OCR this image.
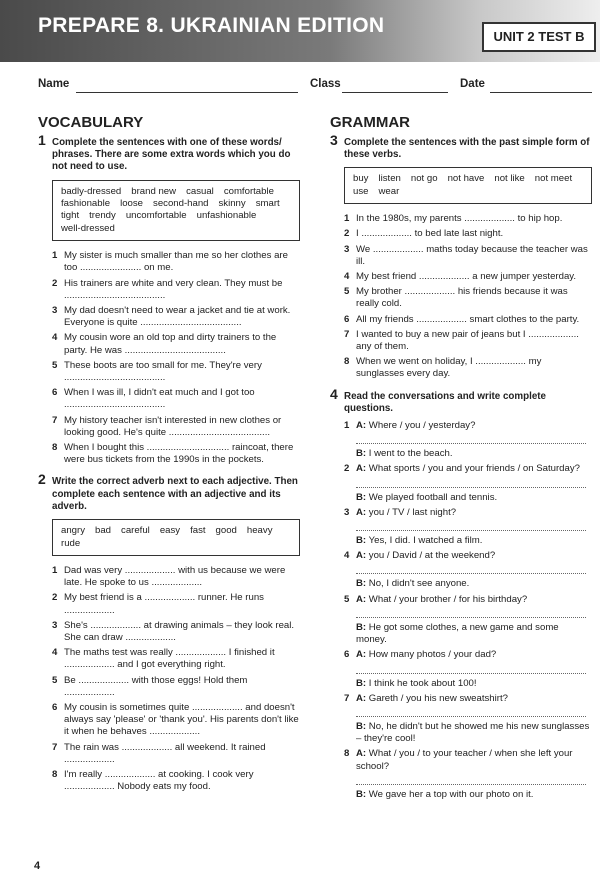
PREPARE 8. UKRAINIAN EDITION	UNIT 2 TEST B
Name	Class	Date
VOCABULARY	GRAMMAR
1 Complete the sentences with one of these words/ phrases. There are some extra words which you do not need to use.
badly-dressed brand new casual comfortablefashionable loose second-hand skinny smarttight trendy uncomfortable unfashionablewell-dressed
1 My sister is much smaller than me so her clothes are too ....................... on me.
2 His trainers are white and very clean. They must be ......................................
3 My dad doesn't need to wear a jacket and tie at work. Everyone is quite ......................................
4 My cousin wore an old top and dirty trainers to the party. He was ......................................
5 These boots are too small for me. They're very ......................................
6 When I was ill, I didn't eat much and I got too ......................................
7 My history teacher isn't interested in new clothes or looking good. He's quite ......................................
8 When I bought this ............................... raincoat, there were bus tickets from the 1990s in the pockets.
2 Write the correct adverb next to each adjective. Then complete each sentence with an adjective and its adverb.
angry bad careful easy fast good heavyrude
1 Dad was very ................... with us because we were late. He spoke to us ...................
2 My best friend is a ................... runner. He runs ...................
3 She's ................... at drawing animals – they look real. She can draw ...................
4 The maths test was really ................... I finished it ................... and I got everything right.
5 Be ................... with those eggs! Hold them ...................
6 My cousin is sometimes quite ................... and doesn't always say 'please' or 'thank you'. His parents don't like it when he behaves ...................
7 The rain was ................... all weekend. It rained ...................
8 I'm really ................... at cooking. I cook very ................... Nobody eats my food.
3 Complete the sentences with the past simple form of these verbs.
buy listen not go not have not like not meetuse wear
1 In the 1980s, my parents ................... to hip hop.
2 I ................... to bed late last night.
3 We ................... maths today because the teacher was ill.
4 My best friend ................... a new jumper yesterday.
5 My brother ................... his friends because it was really cold.
6 All my friends ................... smart clothes to the party.
7 I wanted to buy a new pair of jeans but I ................... any of them.
8 When we went on holiday, I ................... my sunglasses every day.
4 Read the conversations and write complete questions.
1 A: Where / you / yesterday?
B: I went to the beach.
2 A: What sports / you and your friends / on Saturday?
B: We played football and tennis.
3 A: you / TV / last night?
B: Yes, I did. I watched a film.
4 A: you / David / at the weekend?
B: No, I didn't see anyone.
5 A: What / your brother / for his birthday?
B: He got some clothes, a new game and some money.
6 A: How many photos / your dad?
B: I think he took about 100!
7 A: Gareth / you his new sweatshirt?
B: No, he didn't but he showed me his new sunglasses – they're cool!
8 A: What / you / to your teacher / when she left your school?
B: We gave her a top with our photo on it.
4
